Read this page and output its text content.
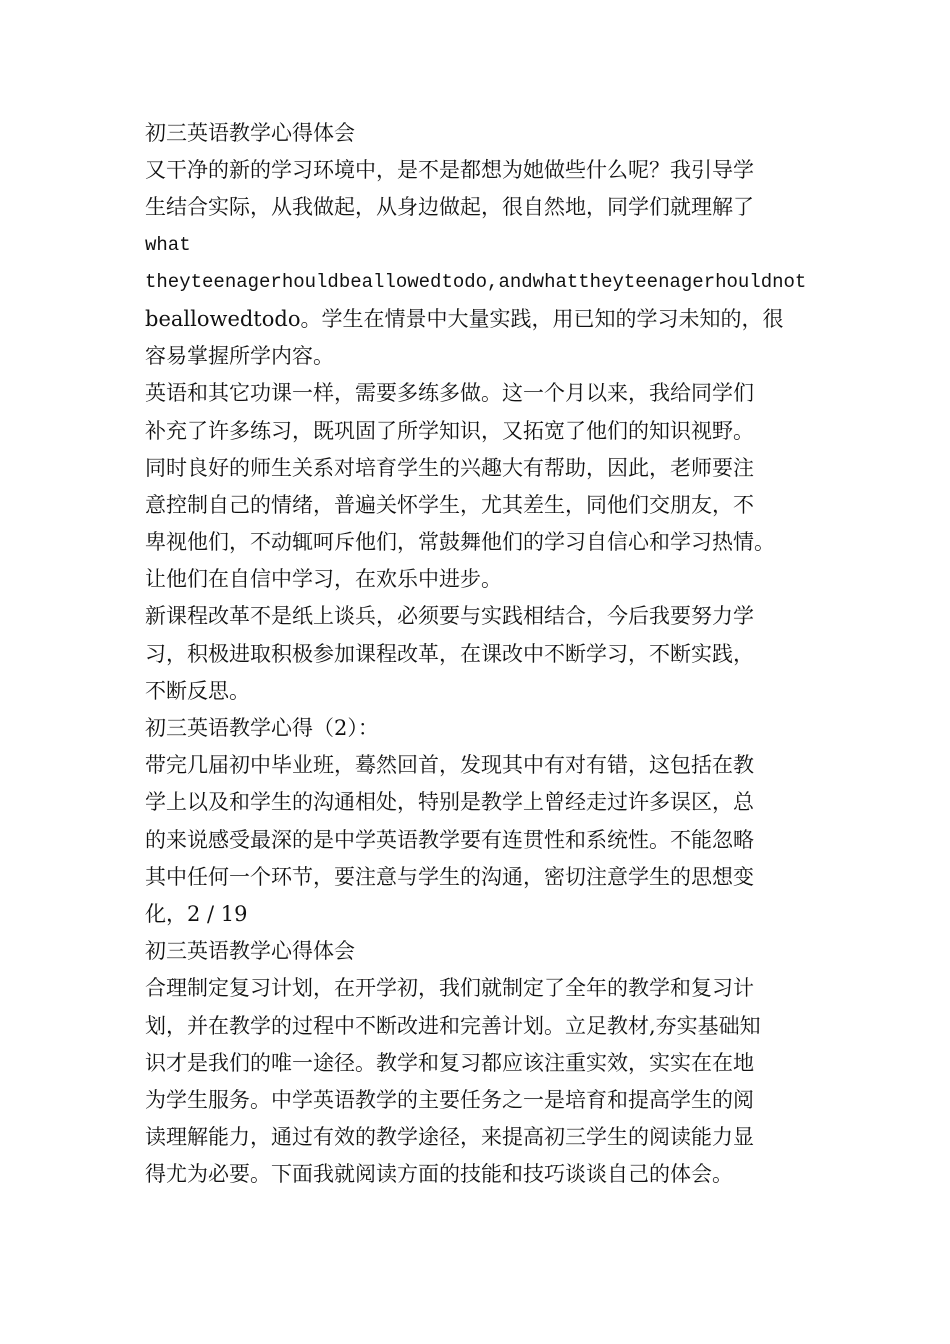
初三英语教学心得体会
又干净的新的学习环境中，是不是都想为她做些什么呢？我引导学
生结合实际，从我做起，从身边做起，很自然地，同学们就理解了
what
theyteenagerhouldbeallowedtodo,andwhattheyteenagerhouldnot
beallowedtodo。学生在情景中大量实践，用已知的学习未知的，很
容易掌握所学内容。
英语和其它功课一样，需要多练多做。这一个月以来，我给同学们
补充了许多练习，既巩固了所学知识，又拓宽了他们的知识视野。
同时良好的师生关系对培育学生的兴趣大有帮助，因此，老师要注
意控制自己的情绪，普遍关怀学生，尤其差生，同他们交朋友，不
卑视他们，不动辄呵斥他们，常鼓舞他们的学习自信心和学习热情。
让他们在自信中学习，在欢乐中进步。
新课程改革不是纸上谈兵，必须要与实践相结合，今后我要努力学
习，积极进取积极参加课程改革，在课改中不断学习，不断实践，
不断反思。
初三英语教学心得（2）：
带完几届初中毕业班，蓦然回首，发现其中有对有错，这包括在教
学上以及和学生的沟通相处，特别是教学上曾经走过许多误区，总
的来说感受最深的是中学英语教学要有连贯性和系统性。不能忽略
其中任何一个环节，要注意与学生的沟通，密切注意学生的思想变
化，2 / 19
初三英语教学心得体会
合理制定复习计划，在开学初，我们就制定了全年的教学和复习计
划，并在教学的过程中不断改进和完善计划。立足教材,夯实基础知
识才是我们的唯一途径。教学和复习都应该注重实效，实实在在地
为学生服务。中学英语教学的主要任务之一是培育和提高学生的阅
读理解能力，通过有效的教学途径，来提高初三学生的阅读能力显
得尤为必要。下面我就阅读方面的技能和技巧谈谈自己的体会。
